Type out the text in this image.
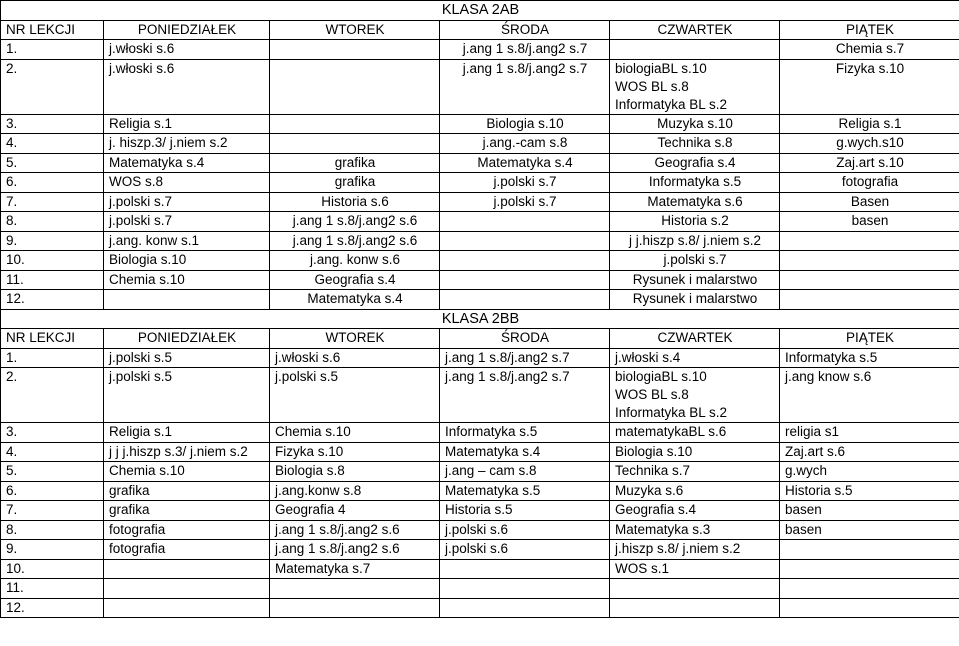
KLASA 2AB					
NR LEKCJI	PONIEDZIAŁEK	WTOREK	ŚRODA	CZWARTEK	PIĄTEK
1.	j.włoski s.6		j.ang 1 s.8/j.ang2 s.7		Chemia s.7
2.	j.włoski s.6		j.ang 1 s.8/j.ang2 s.7	biologiaBL s.10
WOS BL s.8
Informatyka BL s.2	Fizyka s.10
3.	Religia s.1		Biologia s.10	Muzyka s.10	Religia s.1
4.	j. hiszp.3/ j.niem s.2		j.ang.-cam s.8	Technika s.8	g.wych.s10
5.	Matematyka s.4	grafika	Matematyka s.4	Geografia s.4	Zaj.art s.10
6.	WOS s.8	grafika	j.polski s.7	Informatyka s.5	fotografia
7.	j.polski s.7	Historia s.6	j.polski s.7	Matematyka s.6	Basen
8.	j.polski s.7	j.ang 1 s.8/j.ang2 s.6		Historia s.2	basen
9.	j.ang. konw s.1	j.ang 1 s.8/j.ang2 s.6		j j.hiszp s.8/ j.niem s.2	
10.	Biologia s.10	j.ang. konw s.6		j.polski s.7	
11.	Chemia s.10	Geografia s.4		Rysunek i malarstwo	
12.		Matematyka s.4		Rysunek i malarstwo	
KLASA 2BB					
NR LEKCJI	PONIEDZIAŁEK	WTOREK	ŚRODA	CZWARTEK	PIĄTEK
1.	j.polski s.5	j.włoski s.6	j.ang 1 s.8/j.ang2 s.7	j.włoski s.4	Informatyka s.5
2.	j.polski s.5	j.polski s.5	j.ang 1 s.8/j.ang2 s.7	biologiaBL s.10
WOS BL s.8
Informatyka BL s.2	j.ang know s.6
3.	Religia s.1	Chemia s.10	Informatyka s.5	matematykaBL s.6	religia s1
4.	j j j.hiszp s.3/ j.niem s.2	Fizyka s.10	Matematyka s.4	Biologia s.10	Zaj.art s.6
5.	Chemia s.10	Biologia s.8	j.ang – cam s.8	Technika s.7	g.wych
6.	grafika	j.ang.konw s.8	Matematyka s.5	Muzyka s.6	Historia s.5
7.	grafika	Geografia 4	Historia s.5	Geografia s.4	basen
8.	fotografia	j.ang 1 s.8/j.ang2 s.6	j.polski s.6	Matematyka s.3	basen
9.	fotografia	j.ang 1 s.8/j.ang2 s.6	j.polski s.6	j.hiszp s.8/ j.niem s.2	
10.		Matematyka s.7		WOS s.1	
11.					
12.					
